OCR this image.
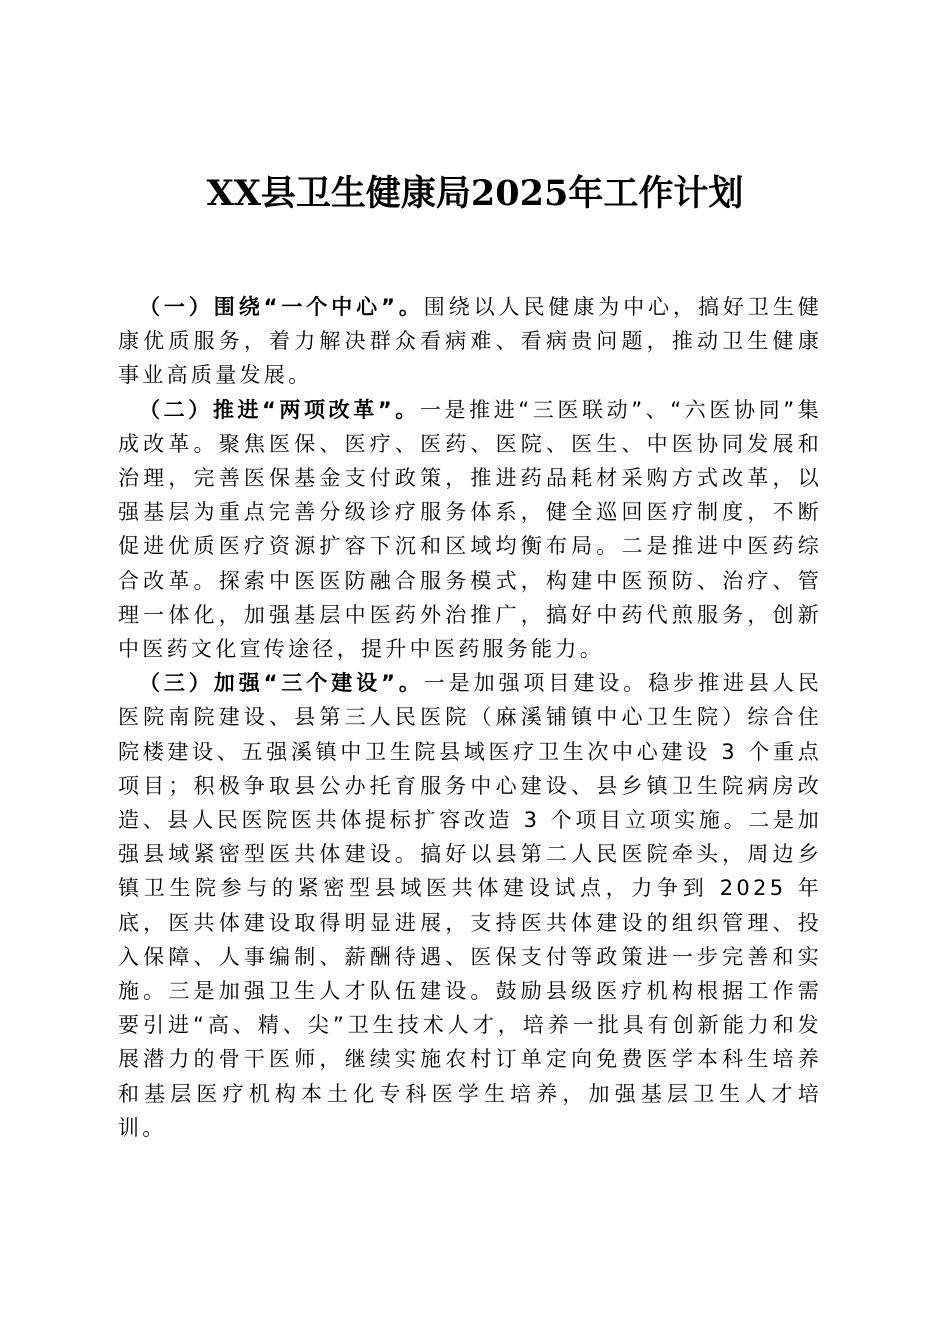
XX县卫生健康局2025年工作计划

（一）围绕“一个中心”。围绕以人民健康为中心，搞好卫生健康优质服务，着力解决群众看病难、看病贵问题，推动卫生健康事业高质量发展。

（二）推进“两项改革”。一是推进“三医联动”、“六医协同”集成改革。聚焦医保、医疗、医药、医院、医生、中医协同发展和治理，完善医保基金支付政策，推进药品耗材采购方式改革，以强基层为重点完善分级诊疗服务体系，健全巡回医疗制度，不断促进优质医疗资源扩容下沉和区域均衡布局。二是推进中医药综合改革。探索中医医防融合服务模式，构建中医预防、治疗、管理一体化，加强基层中医药外治推广，搞好中药代煎服务，创新中医药文化宣传途径，提升中医药服务能力。

（三）加强“三个建设”。一是加强项目建设。稳步推进县人民医院南院建设、县第三人民医院（麻溪铺镇中心卫生院）综合住院楼建设、五强溪镇中卫生院县域医疗卫生次中心建设 3 个重点项目；积极争取县公办托育服务中心建设、县乡镇卫生院病房改造、县人民医院医共体提标扩容改造 3 个项目立项实施。二是加强县域紧密型医共体建设。搞好以县第二人民医院牵头，周边乡镇卫生院参与的紧密型县域医共体建设试点，力争到 2025 年底，医共体建设取得明显进展，支持医共体建设的组织管理、投入保障、人事编制、薪酬待遇、医保支付等政策进一步完善和实施。三是加强卫生人才队伍建设。鼓励县级医疗机构根据工作需要引进“高、精、尖”卫生技术人才，培养一批具有创新能力和发展潜力的骨干医师，继续实施农村订单定向免费医学本科生培养和基层医疗机构本土化专科医学生培养，加强基层卫生人才培训。
